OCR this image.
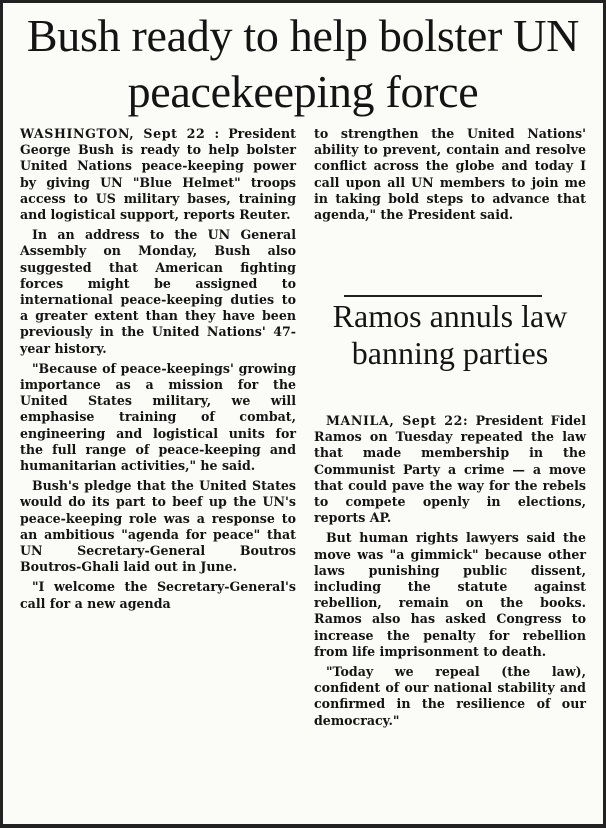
Bush ready to help bolster UN peacekeeping force

WASHINGTON, Sept 22 : President George Bush is ready to help bolster United Nations peace-keeping power by giving UN "Blue Helmet" troops access to US military bases, training and logistical support, reports Reuter.

In an address to the UN General Assembly on Monday, Bush also suggested that American fighting forces might be assigned to international peace-keeping duties to a greater extent than they have been previously in the United Nations' 47-year history.

"Because of peace-keepings' growing importance as a mission for the United States military, we will emphasise training of combat, engineering and logistical units for the full range of peace-keeping and humanitarian activities," he said.

Bush's pledge that the United States would do its part to beef up the UN's peace-keeping role was a response to an ambitious "agenda for peace" that UN Secretary-General Boutros Boutros-Ghali laid out in June.

"I welcome the Secretary-General's call for a new agenda

to strengthen the United Nations' ability to prevent, contain and resolve conflict across the globe and today I call upon all UN members to join me in taking bold steps to advance that agenda," the President said.

Ramos annuls law banning parties

MANILA, Sept 22: President Fidel Ramos on Tuesday repeated the law that made membership in the Communist Party a crime — a move that could pave the way for the rebels to compete openly in elections, reports AP.

But human rights lawyers said the move was "a gimmick" because other laws punishing public dissent, including the statute against rebellion, remain on the books. Ramos also has asked Congress to increase the penalty for rebellion from life imprisonment to death.

"Today we repeal (the law), confident of our national stability and confirmed in the resilience of our democracy."
